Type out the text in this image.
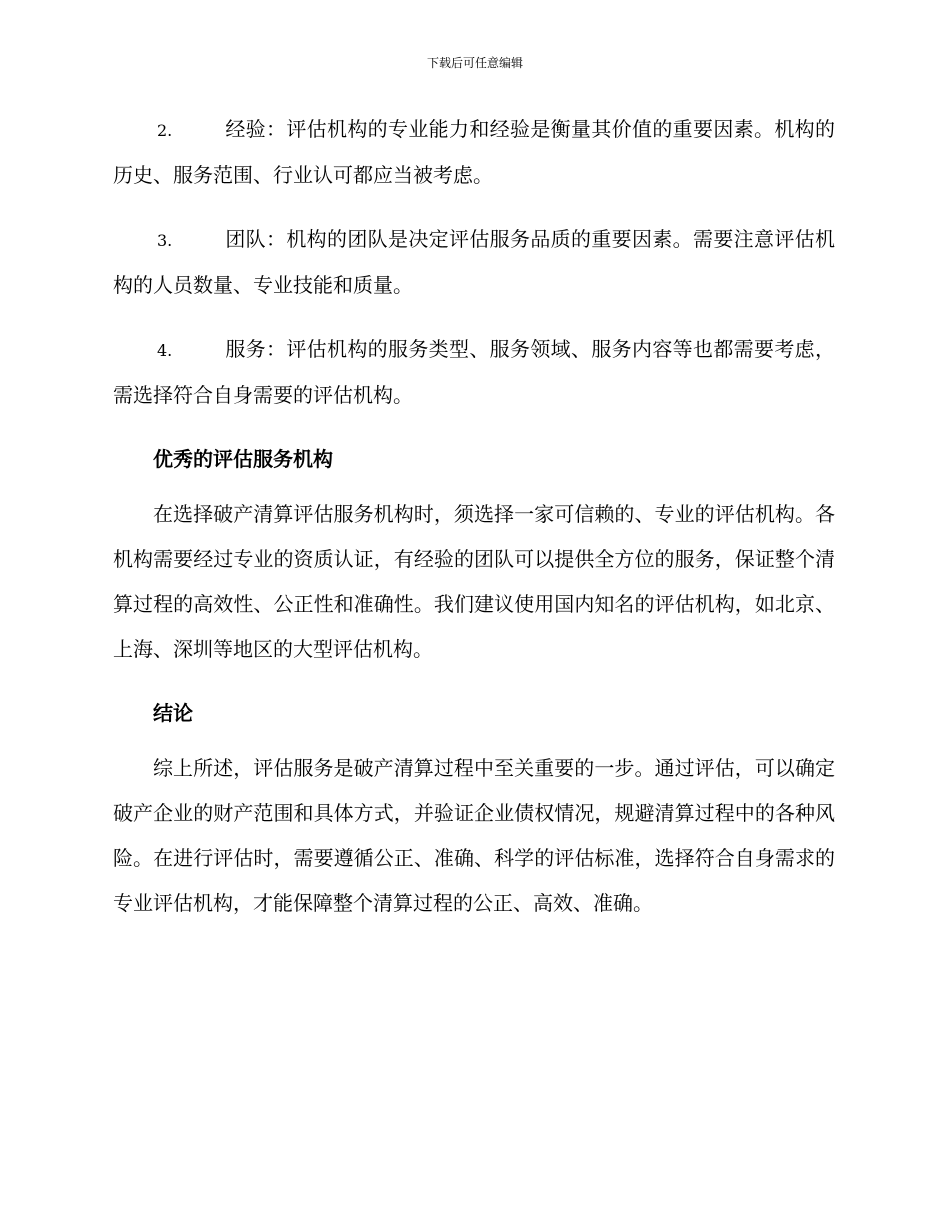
下载后可任意编辑

2.	经验：评估机构的专业能力和经验是衡量其价值的重要因素。机构的历史、服务范围、行业认可都应当被考虑。

3.	团队：机构的团队是决定评估服务品质的重要因素。需要注意评估机构的人员数量、专业技能和质量。

4.	服务：评估机构的服务类型、服务领域、服务内容等也都需要考虑，需选择符合自身需要的评估机构。

优秀的评估服务机构

在选择破产清算评估服务机构时，须选择一家可信赖的、专业的评估机构。各机构需要经过专业的资质认证，有经验的团队可以提供全方位的服务，保证整个清算过程的高效性、公正性和准确性。我们建议使用国内知名的评估机构，如北京、上海、深圳等地区的大型评估机构。

结论

综上所述，评估服务是破产清算过程中至关重要的一步。通过评估，可以确定破产企业的财产范围和具体方式，并验证企业债权情况，规避清算过程中的各种风险。在进行评估时，需要遵循公正、准确、科学的评估标准，选择符合自身需求的专业评估机构，才能保障整个清算过程的公正、高效、准确。
